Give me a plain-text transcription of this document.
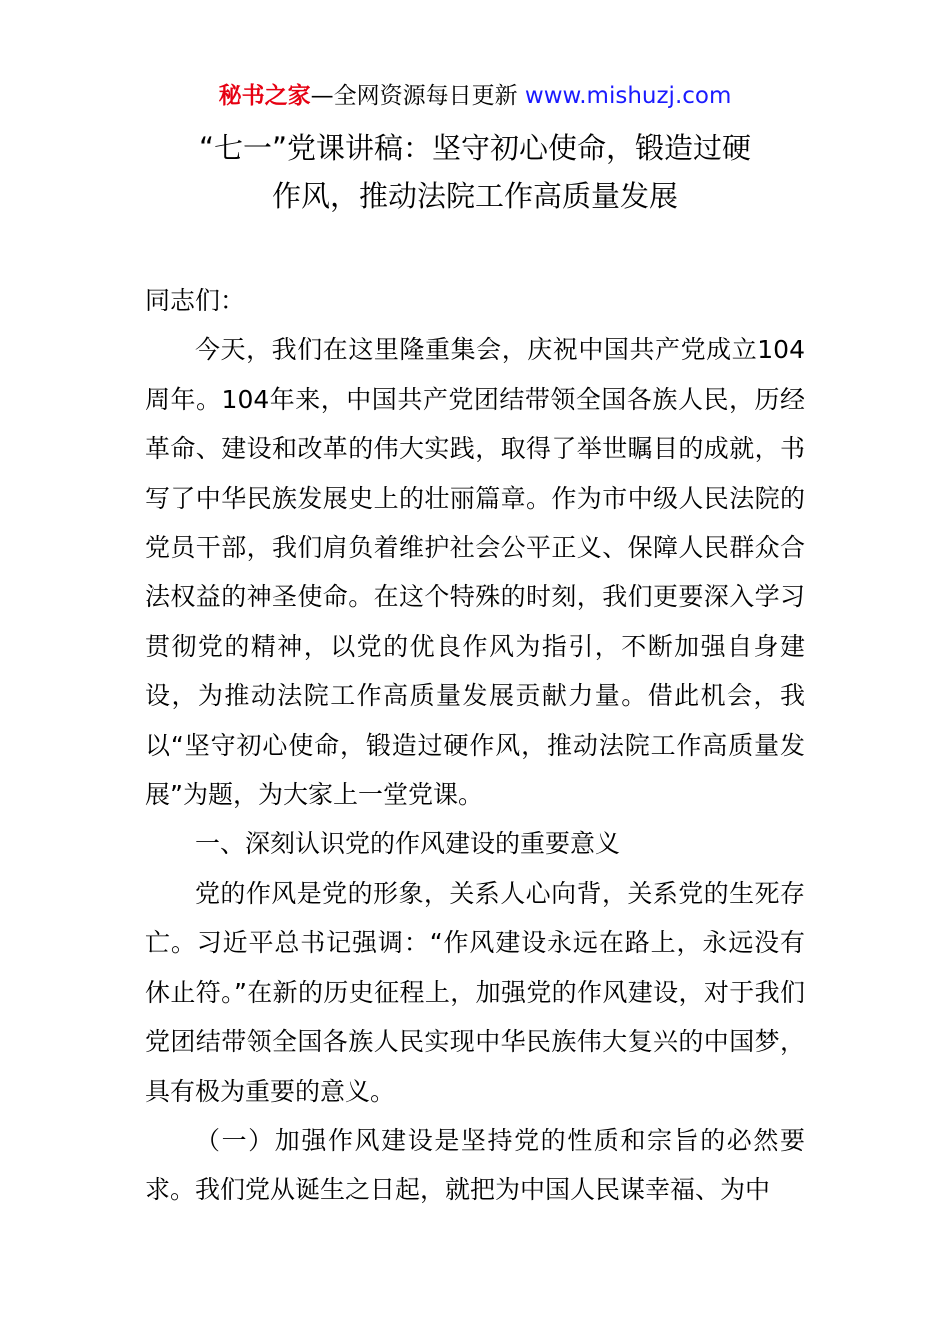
秘书之家—全网资源每日更新 www.mishuzj.com
“七一”党课讲稿：坚守初心使命，锻造过硬
作风，推动法院工作高质量发展

同志们：

今天，我们在这里隆重集会，庆祝中国共产党成立104周年。104年来，中国共产党团结带领全国各族人民，历经革命、建设和改革的伟大实践，取得了举世瞩目的成就，书写了中华民族发展史上的壮丽篇章。作为市中级人民法院的党员干部，我们肩负着维护社会公平正义、保障人民群众合法权益的神圣使命。在这个特殊的时刻，我们更要深入学习贯彻党的精神，以党的优良作风为指引，不断加强自身建设，为推动法院工作高质量发展贡献力量。借此机会，我以“坚守初心使命，锻造过硬作风，推动法院工作高质量发展”为题，为大家上一堂党课。

一、深刻认识党的作风建设的重要意义

党的作风是党的形象，关系人心向背，关系党的生死存亡。习近平总书记强调：“作风建设永远在路上，永远没有休止符。”在新的历史征程上，加强党的作风建设，对于我们党团结带领全国各族人民实现中华民族伟大复兴的中国梦，具有极为重要的意义。

（一）加强作风建设是坚持党的性质和宗旨的必然要求。我们党从诞生之日起，就把为中国人民谋幸福、为中
